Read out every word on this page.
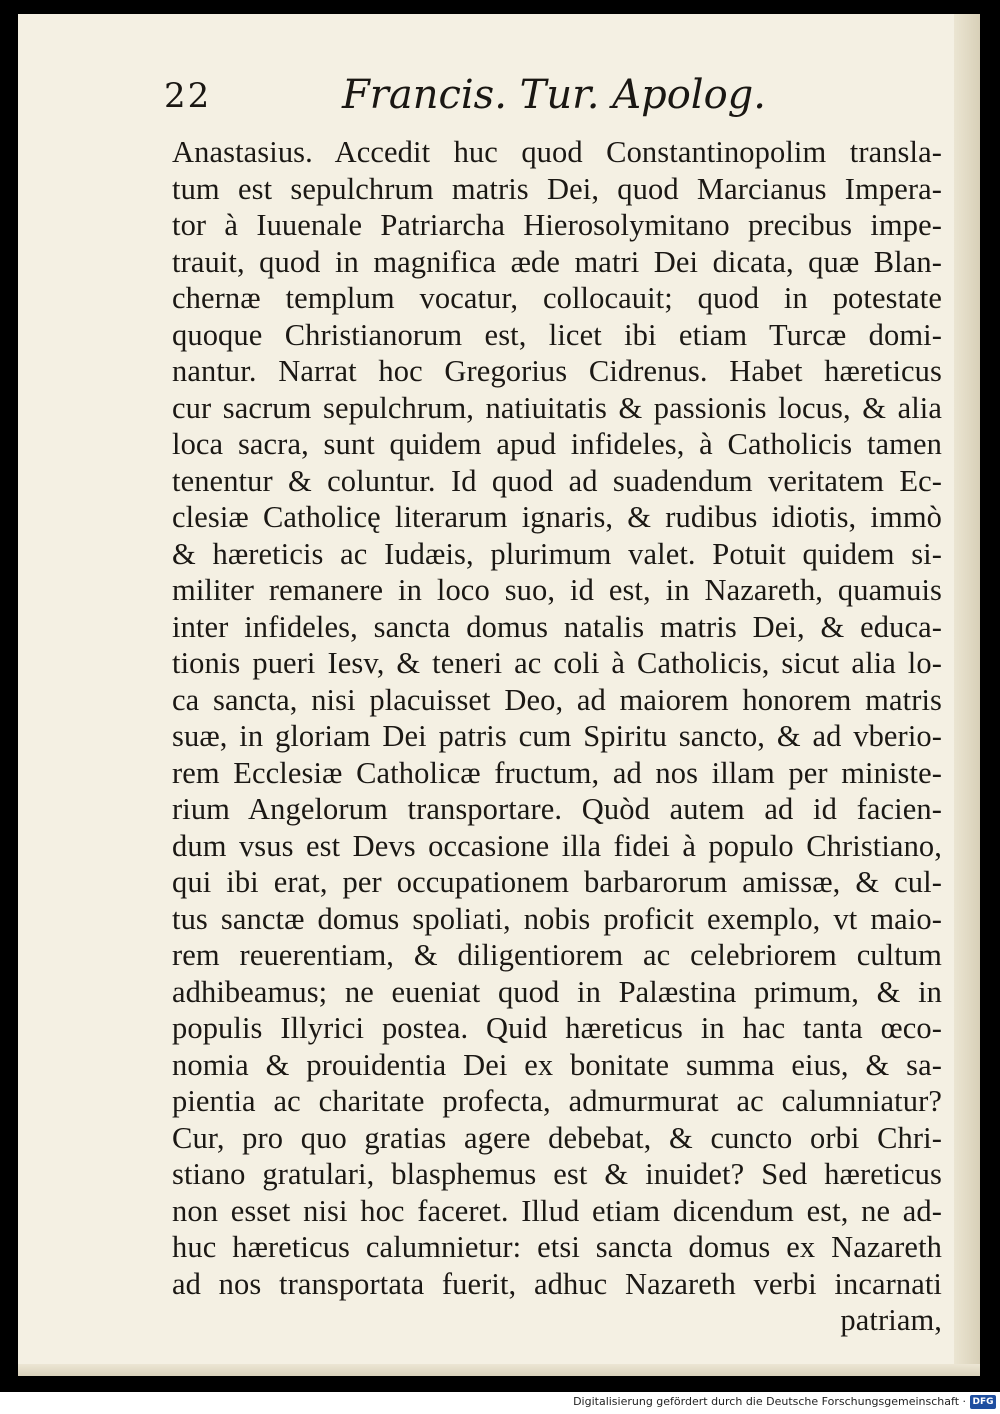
22	Francis. Tur. Apolog.
Anastasius. Accedit huc quod Constantinopolim transla-
tum est sepulchrum matris Dei, quod Marcianus Impera-
tor à Iuuenale Patriarcha Hierosolymitano precibus impe-
trauit, quod in magnifica æde matri Dei dicata, quæ Blan-
chernæ templum vocatur, collocauit; quod in potestate
quoque Christianorum est, licet ibi etiam Turcæ domi-
nantur. Narrat hoc Gregorius Cidrenus. Habet hæreticus
cur sacrum sepulchrum, natiuitatis & passionis locus, & alia
loca sacra, sunt quidem apud infideles, à Catholicis tamen
tenentur & coluntur. Id quod ad suadendum veritatem Ec-
clesiæ Catholicę literarum ignaris, & rudibus idiotis, immò
& hæreticis ac Iudæis, plurimum valet. Potuit quidem si-
militer remanere in loco suo, id est, in Nazareth, quamuis
inter infideles, sancta domus natalis matris Dei, & educa-
tionis pueri Iesv, & teneri ac coli à Catholicis, sicut alia lo-
ca sancta, nisi placuisset Deo, ad maiorem honorem matris
suæ, in gloriam Dei patris cum Spiritu sancto, & ad vberio-
rem Ecclesiæ Catholicæ fructum, ad nos illam per ministe-
rium Angelorum transportare. Quòd autem ad id facien-
dum vsus est Devs occasione illa fidei à populo Christiano,
qui ibi erat, per occupationem barbarorum amissæ, & cul-
tus sanctæ domus spoliati, nobis proficit exemplo, vt maio-
rem reuerentiam, & diligentiorem ac celebriorem cultum
adhibeamus; ne eueniat quod in Palæstina primum, & in
populis Illyrici postea. Quid hæreticus in hac tanta œco-
nomia & prouidentia Dei ex bonitate summa eius, & sa-
pientia ac charitate profecta, admurmurat ac calumniatur?
Cur, pro quo gratias agere debebat, & cuncto orbi Chri-
stiano gratulari, blasphemus est & inuidet? Sed hæreticus
non esset nisi hoc faceret. Illud etiam dicendum est, ne ad-
huc hæreticus calumnietur: etsi sancta domus ex Nazareth
ad nos transportata fuerit, adhuc Nazareth verbi incarnati
patriam,
Digitalisierung gefördert durch die Deutsche Forschungsgemeinschaft · DFG
